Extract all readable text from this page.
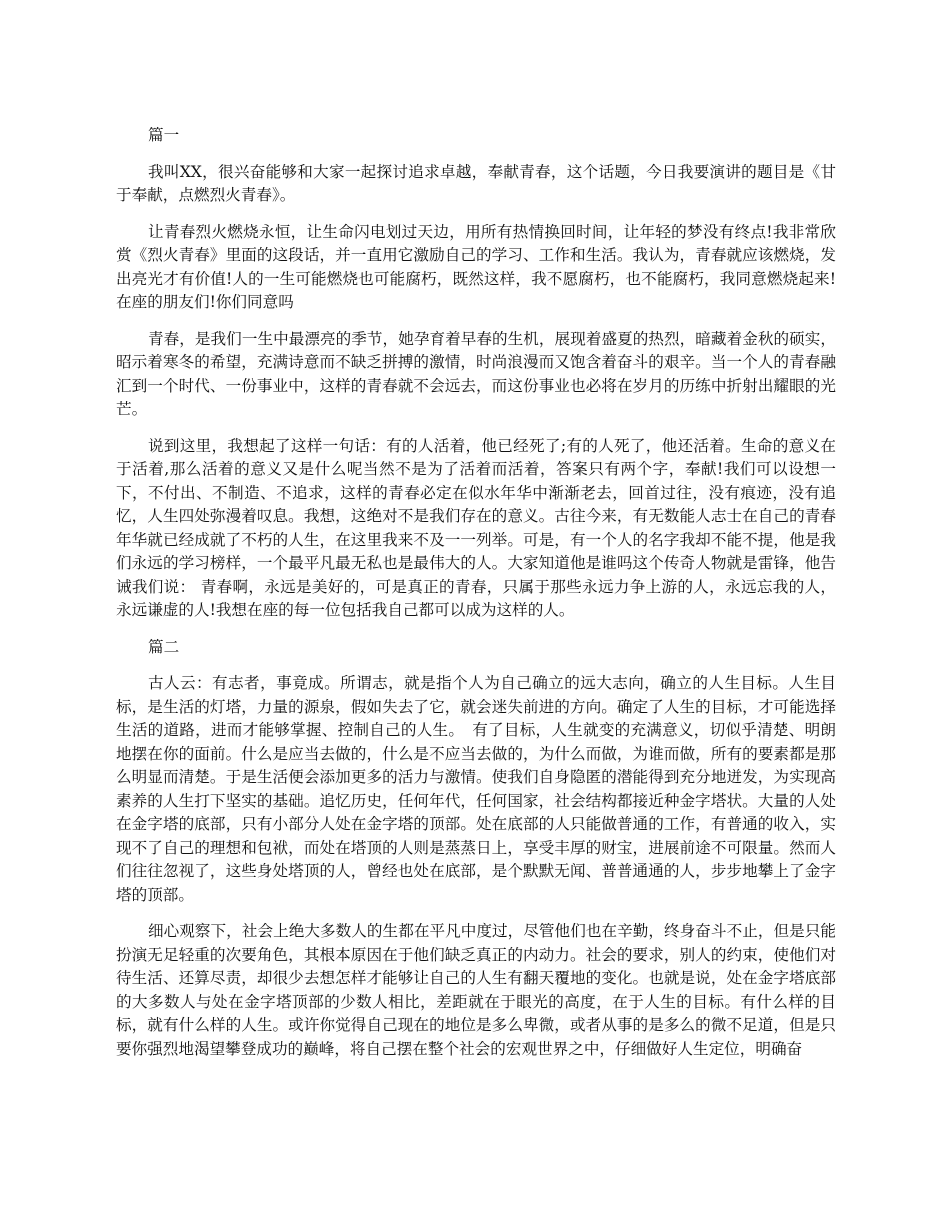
篇一

我叫XX，很兴奋能够和大家一起探讨追求卓越，奉献青春，这个话题，今日我要演讲的题目是《甘于奉献，点燃烈火青春》。

让青春烈火燃烧永恒，让生命闪电划过天边，用所有热情换回时间，让年轻的梦没有终点!我非常欣赏《烈火青春》里面的这段话，并一直用它激励自己的学习、工作和生活。我认为，青春就应该燃烧，发出亮光才有价值!人的一生可能燃烧也可能腐朽，既然这样，我不愿腐朽，也不能腐朽，我同意燃烧起来!在座的朋友们!你们同意吗

青春，是我们一生中最漂亮的季节，她孕育着早春的生机，展现着盛夏的热烈，暗藏着金秋的硕实，昭示着寒冬的希望，充满诗意而不缺乏拼搏的激情，时尚浪漫而又饱含着奋斗的艰辛。当一个人的青春融汇到一个时代、一份事业中，这样的青春就不会远去，而这份事业也必将在岁月的历练中折射出耀眼的光芒。

说到这里，我想起了这样一句话：有的人活着，他已经死了;有的人死了，他还活着。生命的意义在于活着,那么活着的意义又是什么呢当然不是为了活着而活着，答案只有两个字，奉献!我们可以设想一下，不付出、不制造、不追求，这样的青春必定在似水年华中渐渐老去，回首过往，没有痕迹，没有追忆，人生四处弥漫着叹息。我想，这绝对不是我们存在的意义。古往今来，有无数能人志士在自己的青春年华就已经成就了不朽的人生，在这里我来不及一一列举。可是，有一个人的名字我却不能不提，他是我们永远的学习榜样，一个最平凡最无私也是最伟大的人。大家知道他是谁吗这个传奇人物就是雷锋，他告诫我们说： 青春啊，永远是美好的，可是真正的青春，只属于那些永远力争上游的人，永远忘我的人，永远谦虚的人!我想在座的每一位包括我自己都可以成为这样的人。

篇二

古人云：有志者，事竟成。所谓志，就是指个人为自己确立的远大志向，确立的人生目标。人生目标，是生活的灯塔，力量的源泉，假如失去了它，就会迷失前进的方向。确定了人生的目标，才可能选择生活的道路，进而才能够掌握、控制自己的人生。　有了目标，人生就变的充满意义，切似乎清楚、明朗地摆在你的面前。什么是应当去做的，什么是不应当去做的，为什么而做，为谁而做，所有的要素都是那么明显而清楚。于是生活便会添加更多的活力与激情。使我们自身隐匿的潜能得到充分地迸发，为实现高素养的人生打下坚实的基础。追忆历史，任何年代，任何国家，社会结构都接近种金字塔状。大量的人处在金字塔的底部，只有小部分人处在金字塔的顶部。处在底部的人只能做普通的工作，有普通的收入，实现不了自己的理想和包袱，而处在塔顶的人则是蒸蒸日上，享受丰厚的财宝，进展前途不可限量。然而人们往往忽视了，这些身处塔顶的人，曾经也处在底部，是个默默无闻、普普通通的人，步步地攀上了金字塔的顶部。

细心观察下，社会上绝大多数人的生都在平凡中度过，尽管他们也在辛勤，终身奋斗不止，但是只能扮演无足轻重的次要角色，其根本原因在于他们缺乏真正的内动力。社会的要求，别人的约束，使他们对待生活、还算尽责，却很少去想怎样才能够让自己的人生有翻天覆地的变化。也就是说，处在金字塔底部的大多数人与处在金字塔顶部的少数人相比，差距就在于眼光的高度，在于人生的目标。有什么样的目标，就有什么样的人生。或许你觉得自己现在的地位是多么卑微，或者从事的是多么的微不足道，但是只要你强烈地渴望攀登成功的巅峰，将自己摆在整个社会的宏观世界之中，仔细做好人生定位，明确奋
